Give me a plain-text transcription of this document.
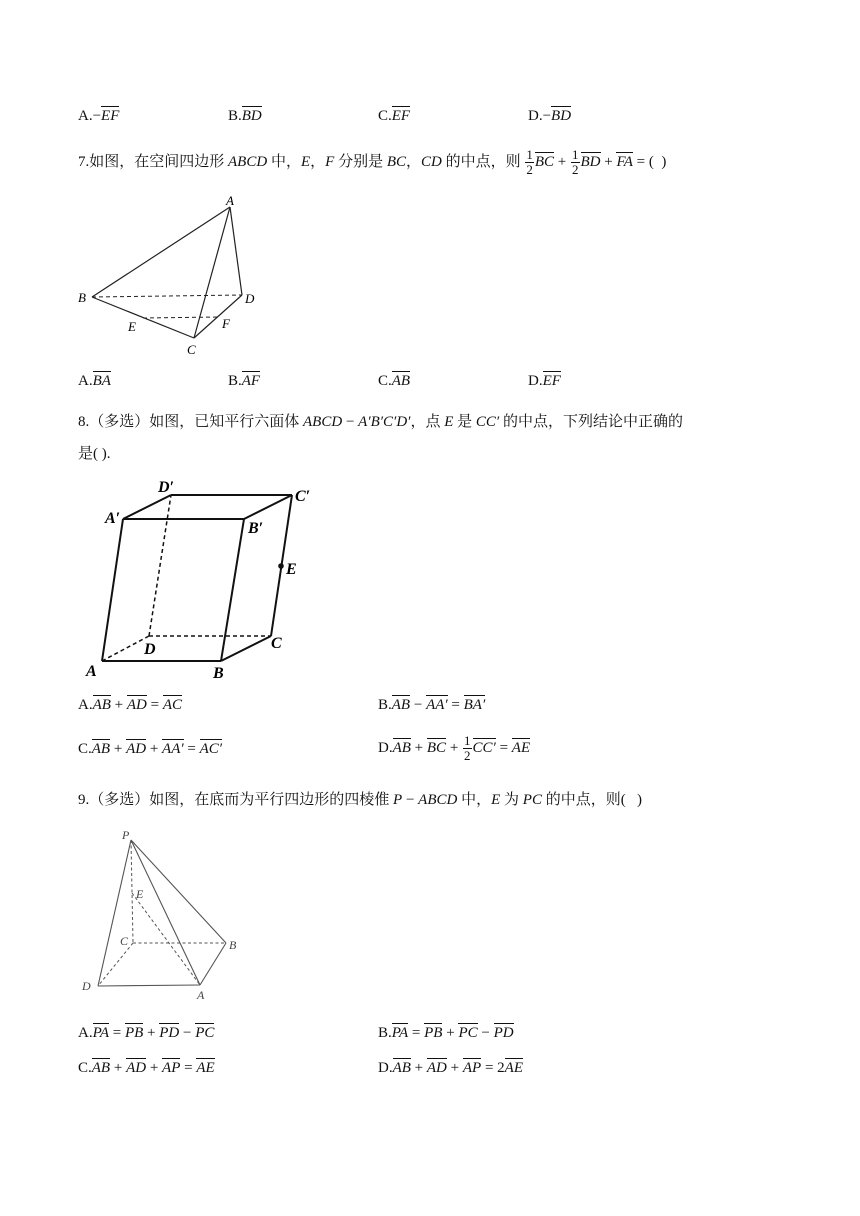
A.−EF	B.BD	C.EF	D.−BD
7.如图，在空间四边形 ABCD 中，E，F 分别是 BC，CD 的中点，则 $\frac{1}{2}$ BC + $\frac{1}{2}$ BD + FA = (  )
A
B	D
E	F
C
A.BA	B.AF	C.AB	D.EF
8.（多选）如图，已知平行六面体 ABCD − A′B′C′D′，点 E 是 CC′ 的中点，下列结论中正确的
是( ).
D′
C′
A′
B′
E
D	C
A	B
A.AB + AD = AC	B.AB − AA′ = BA′
C.AB + AD + AA′ = AC′	D.AB + BC + $\frac{1}{2} CC'$ = AE
9.（多选）如图，在底而为平行四边形的四棱倠 P − ABCD 中，E 为 PC 的中点，则(   )
P
E
C	B
D
A
A.PA = PB + PD − PC	B.PA = PB + PC − PD
C.AB + AD + AP = AE	D.AB + AD + AP = 2AE
